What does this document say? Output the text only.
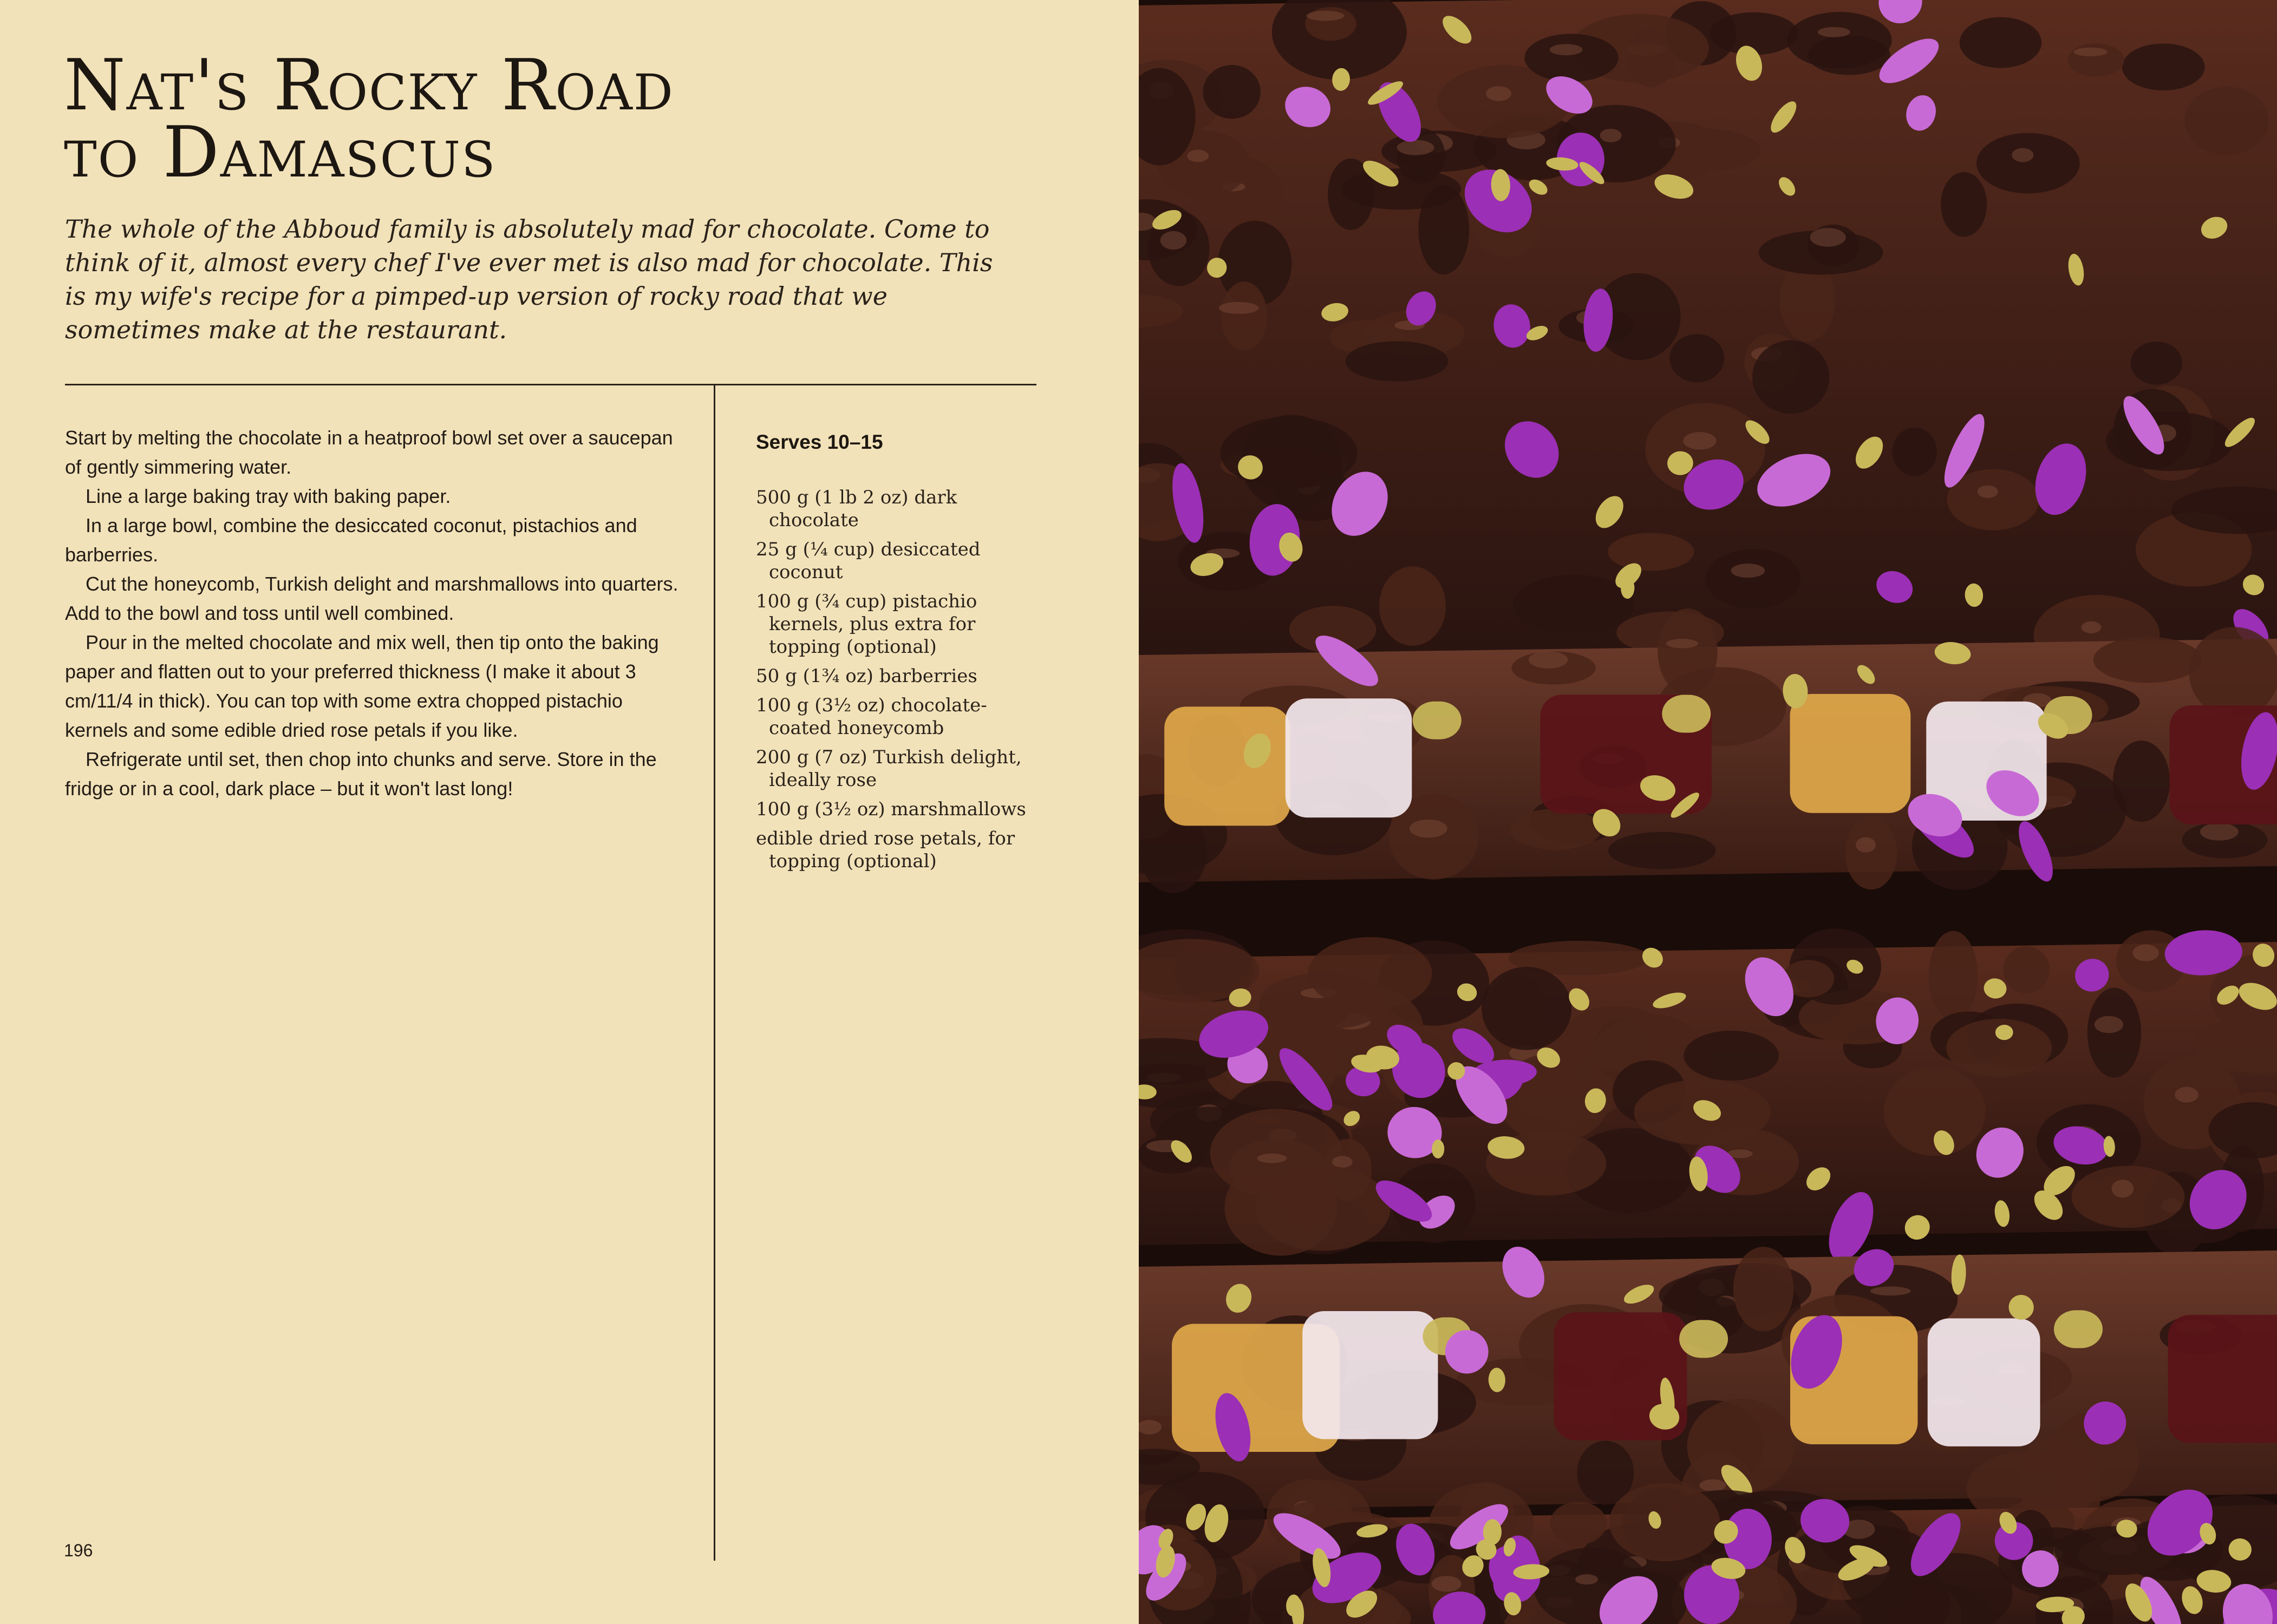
Nat's Rocky Road
to Damascus

The whole of the Abboud family is absolutely mad for chocolate. Come to think of it, almost every chef I've ever met is also mad for chocolate. This is my wife's recipe for a pimped-up version of rocky road that we sometimes make at the restaurant.

Start by melting the chocolate in a heatproof bowl set over a saucepan of gently simmering water.

Line a large baking tray with baking paper.

In a large bowl, combine the desiccated coconut, pistachios and barberries.

Cut the honeycomb, Turkish delight and marshmallows into quarters. Add to the bowl and toss until well combined.

Pour in the melted chocolate and mix well, then tip onto the baking paper and flatten out to your preferred thickness (I make it about 3 cm/11/4 in thick). You can top with some extra chopped pistachio kernels and some edible dried rose petals if you like.

Refrigerate until set, then chop into chunks and serve. Store in the fridge or in a cool, dark place – but it won't last long!

Serves 10–15
500 g (1 lb 2 oz) dark chocolate
25 g (¼ cup) desiccated coconut
100 g (¾ cup) pistachio kernels, plus extra for topping (optional)
50 g (1¾ oz) barberries
100 g (3½ oz) chocolate-coated honeycomb
200 g (7 oz) Turkish delight, ideally rose
100 g (3½ oz) marshmallows
edible dried rose petals, for topping (optional)
196
